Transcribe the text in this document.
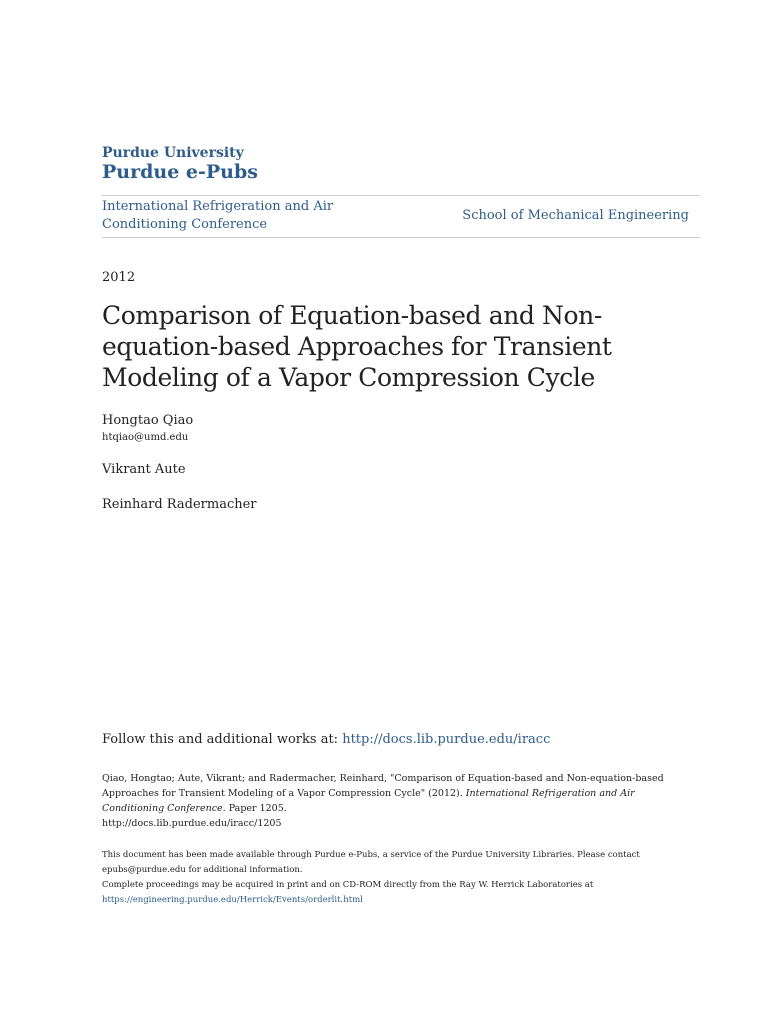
Purdue University
Purdue e-Pubs
International Refrigeration and Air Conditioning Conference
School of Mechanical Engineering
2012
Comparison of Equation-based and Non-equation-based Approaches for Transient Modeling of a Vapor Compression Cycle
Hongtao Qiao
htqiao@umd.edu
Vikrant Aute
Reinhard Radermacher
Follow this and additional works at: http://docs.lib.purdue.edu/iracc
Qiao, Hongtao; Aute, Vikrant; and Radermacher, Reinhard, "Comparison of Equation-based and Non-equation-based Approaches for Transient Modeling of a Vapor Compression Cycle" (2012). International Refrigeration and Air Conditioning Conference. Paper 1205.
http://docs.lib.purdue.edu/iracc/1205
This document has been made available through Purdue e-Pubs, a service of the Purdue University Libraries. Please contact epubs@purdue.edu for additional information.
Complete proceedings may be acquired in print and on CD-ROM directly from the Ray W. Herrick Laboratories at https://engineering.purdue.edu/Herrick/Events/orderlit.html
